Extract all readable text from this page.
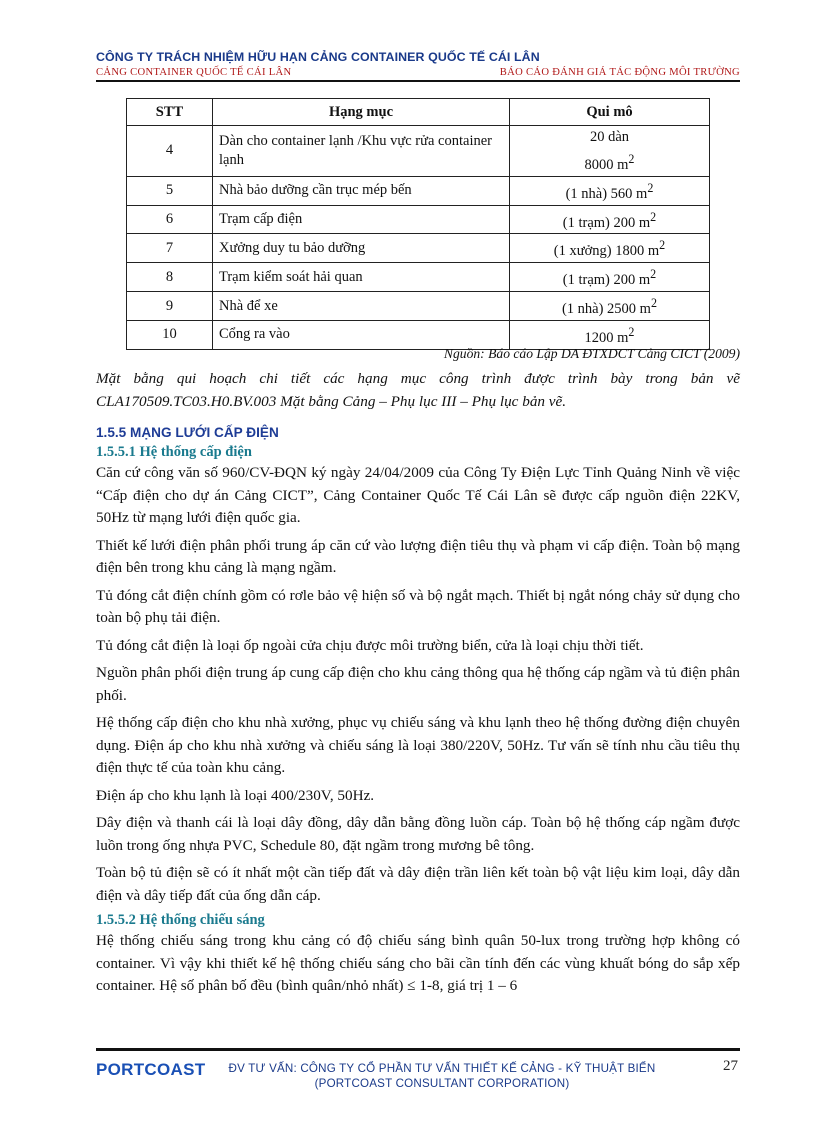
CÔNG TY TRÁCH NHIỆM HỮU HẠN CẢNG CONTAINER QUỐC TẾ CÁI LÂN
CẢNG CONTAINER QUỐC TẾ CÁI LÂN	BÁO CÁO ĐÁNH GIÁ TÁC ĐỘNG MÔI TRƯỜNG
STT	Hạng mục	Qui mô
4	Dàn cho container lạnh /Khu vực rửa container lạnh	20 dàn
8000 $m^2$

5	Nhà bảo dưỡng cần trục mép bến	(1 nhà) 560 $m^2$
6	Trạm cấp điện	(1 trạm) 200 $m^2$
7	Xưởng duy tu bảo dưỡng	(1 xưởng) 1800 $m^2$
8	Trạm kiểm soát hải quan	(1 trạm) 200 $m^2$
9	Nhà để xe	(1 nhà) 2500 $m^2$
10	Cổng ra vào	1200 $m^2$
Nguồn: Báo cáo Lập DA ĐTXDCT Cảng CICT (2009)

Mặt bằng qui hoạch chi tiết các hạng mục công trình được trình bày trong bản vẽ CLA170509.TC03.H0.BV.003 Mặt bằng Cảng – Phụ lục III – Phụ lục bản vẽ.

1.5.5 MẠNG LƯỚI CẤP ĐIỆN
1.5.5.1 Hệ thống cấp điện

Căn cứ công văn số 960/CV-ĐQN ký ngày 24/04/2009 của Công Ty Điện Lực Tỉnh Quảng Ninh về việc “Cấp điện cho dự án Cảng CICT”, Cảng Container Quốc Tế Cái Lân sẽ được cấp nguồn điện 22KV, 50Hz từ mạng lưới điện quốc gia.

Thiết kế lưới điện phân phối trung áp căn cứ vào lượng điện tiêu thụ và phạm vi cấp điện. Toàn bộ mạng điện bên trong khu cảng là mạng ngầm.

Tủ đóng cắt điện chính gồm có rơle bảo vệ hiện số và bộ ngắt mạch. Thiết bị ngắt nóng chảy sử dụng cho toàn bộ phụ tải điện.

Tủ đóng cắt điện là loại ốp ngoài cửa chịu được môi trường biển, cửa là loại chịu thời tiết.

Nguồn phân phối điện trung áp cung cấp điện cho khu cảng thông qua hệ thống cáp ngầm và tủ điện phân phối.

Hệ thống cấp điện cho khu nhà xưởng, phục vụ chiếu sáng và khu lạnh theo hệ thống đường điện chuyên dụng. Điện áp cho khu nhà xưởng và chiếu sáng là loại 380/220V, 50Hz. Tư vấn sẽ tính nhu cầu tiêu thụ điện thực tế của toàn khu cảng.

Điện áp cho khu lạnh là loại 400/230V, 50Hz.

Dây điện và thanh cái là loại dây đồng, dây dẫn bằng đồng luồn cáp. Toàn bộ hệ thống cáp ngầm được luồn trong ống nhựa PVC, Schedule 80, đặt ngầm trong mương bê tông.

Toàn bộ tủ điện sẽ có ít nhất một cần tiếp đất và dây điện trần liên kết toàn bộ vật liệu kim loại, dây dẫn điện và dây tiếp đất của ống dẫn cáp.

1.5.5.2 Hệ thống chiếu sáng

Hệ thống chiếu sáng trong khu cảng có độ chiếu sáng bình quân 50-lux trong trường hợp không có container. Vì vậy khi thiết kế hệ thống chiếu sáng cho bãi cần tính đến các vùng khuất bóng do sắp xếp container. Hệ số phân bố đều (bình quân/nhỏ nhất) ≤ 1-8, giá trị 1 – 6

PORTCOAST	ĐV TƯ VẤN: CÔNG TY CỔ PHẦN TƯ VẤN THIẾT KẾ CẢNG - KỸ THUẬT BIỂN
(PORTCOAST CONSULTANT CORPORATION)
27
